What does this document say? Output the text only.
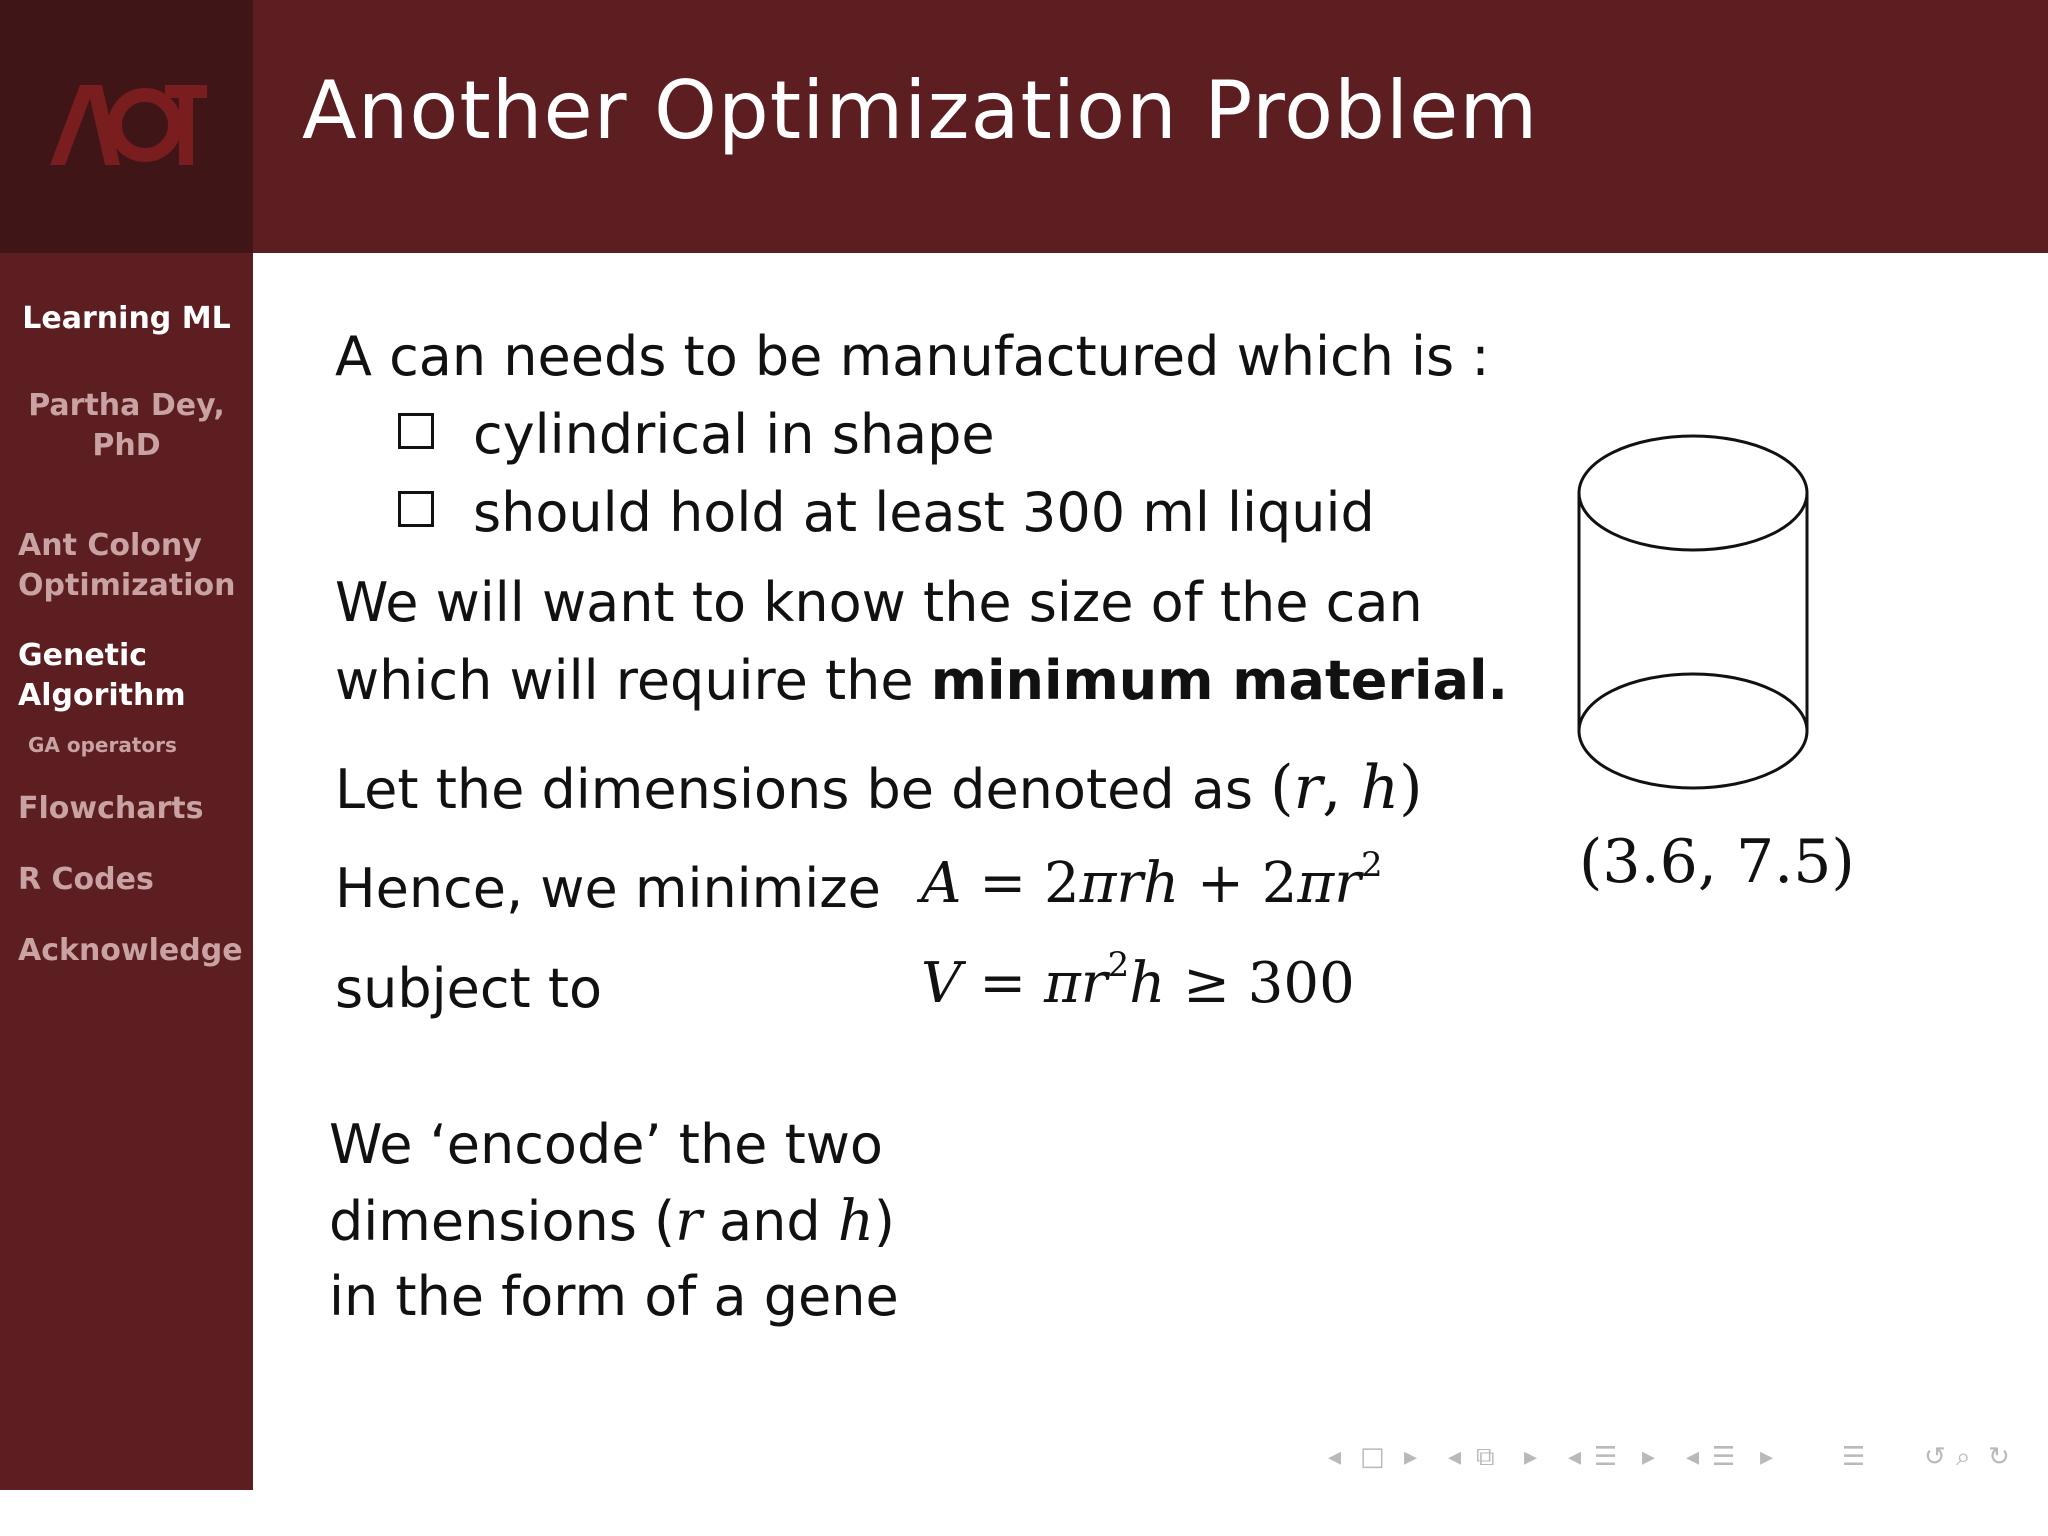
Another Optimization Problem
Learning ML
Partha Dey,
PhD
Ant Colony
Optimization
Genetic
Algorithm
GA operators
Flowcharts
R Codes
Acknowledge
A can needs to be manufactured which is :
cylindrical in shape
should hold at least 300 ml liquid
We will want to know the size of the can
which will require the minimum material.
Let the dimensions be denoted as (r, h)
Hence, we minimize $A = 2\pi rh + 2\pi r^2$
subject to	$V = \pi r^2h \ge 300$
We ‘encode’ the two
dimensions (r and h)
in the form of a gene
(3.6, 7.5)
◂ □ ▸ ◂ ⧉ ▸ ◂ ☰ ▸ ◂ ☰ ▸	☰ ↺ ⌕ ↻
